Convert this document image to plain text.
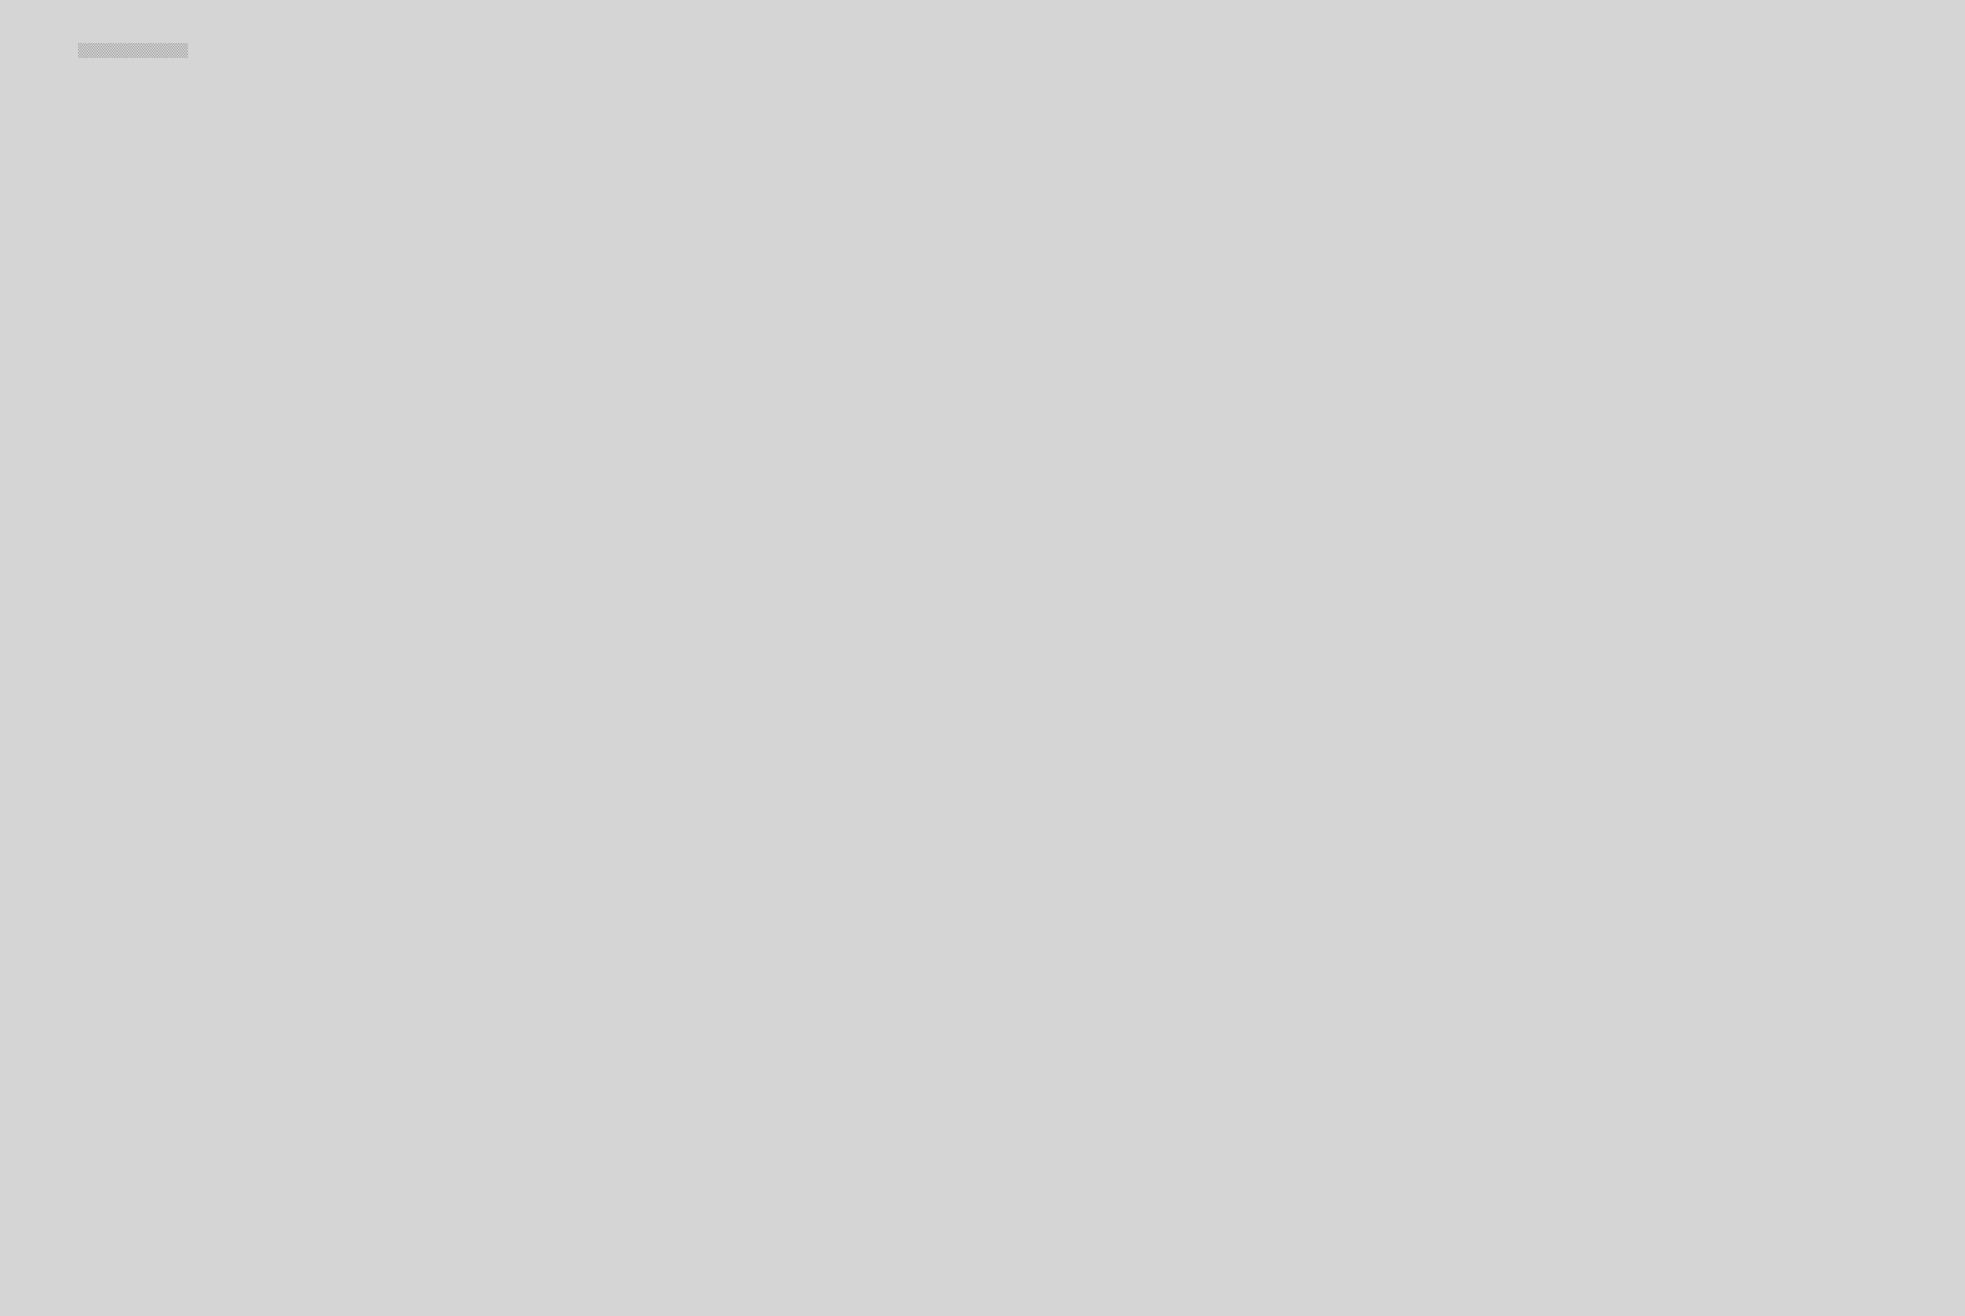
▒▒▒▒▒▒▒▒▒▒▒
